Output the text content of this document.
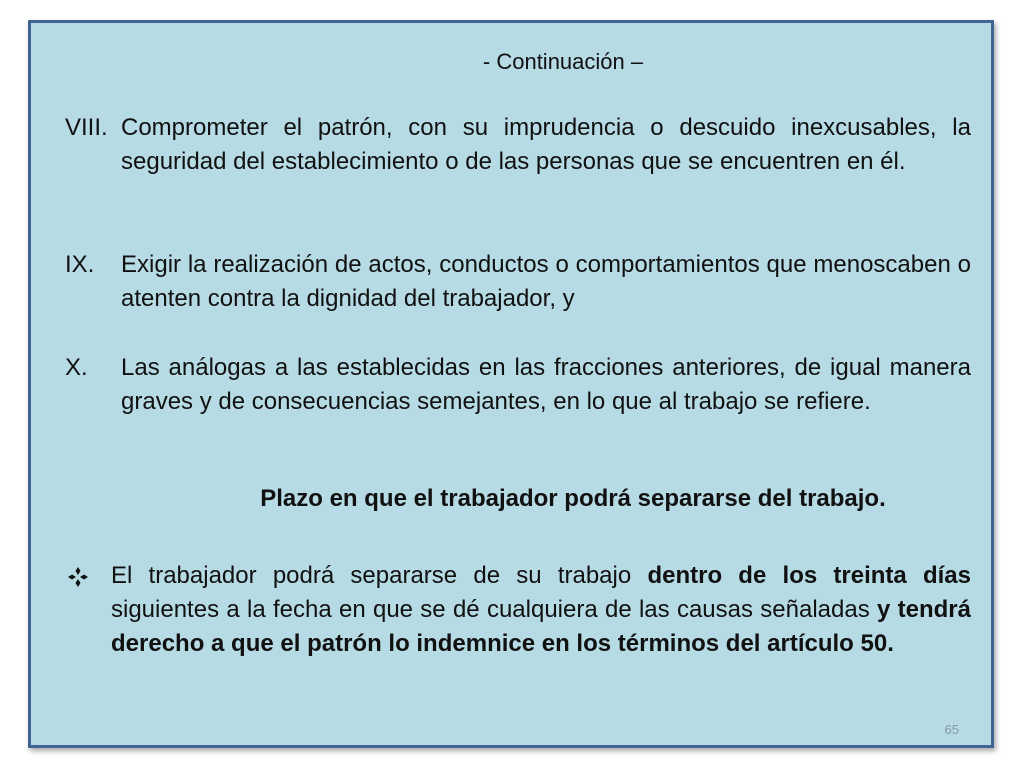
- Continuación –
VIII. Comprometer el patrón, con su imprudencia o descuido inexcusables, la seguridad del establecimiento o de las personas que se encuentren en él.
IX. Exigir la realización de actos, conductos o comportamientos que menoscaben o atenten contra la dignidad del trabajador, y
X. Las análogas a las establecidas en las fracciones anteriores, de igual manera graves y de consecuencias semejantes, en lo que al trabajo se refiere.
Plazo en que el trabajador podrá separarse del trabajo.
El trabajador podrá separarse de su trabajo dentro de los treinta días siguientes a la fecha en que se dé cualquiera de las causas señaladas y tendrá derecho a que el patrón lo indemnice en los términos del artículo 50.
65
